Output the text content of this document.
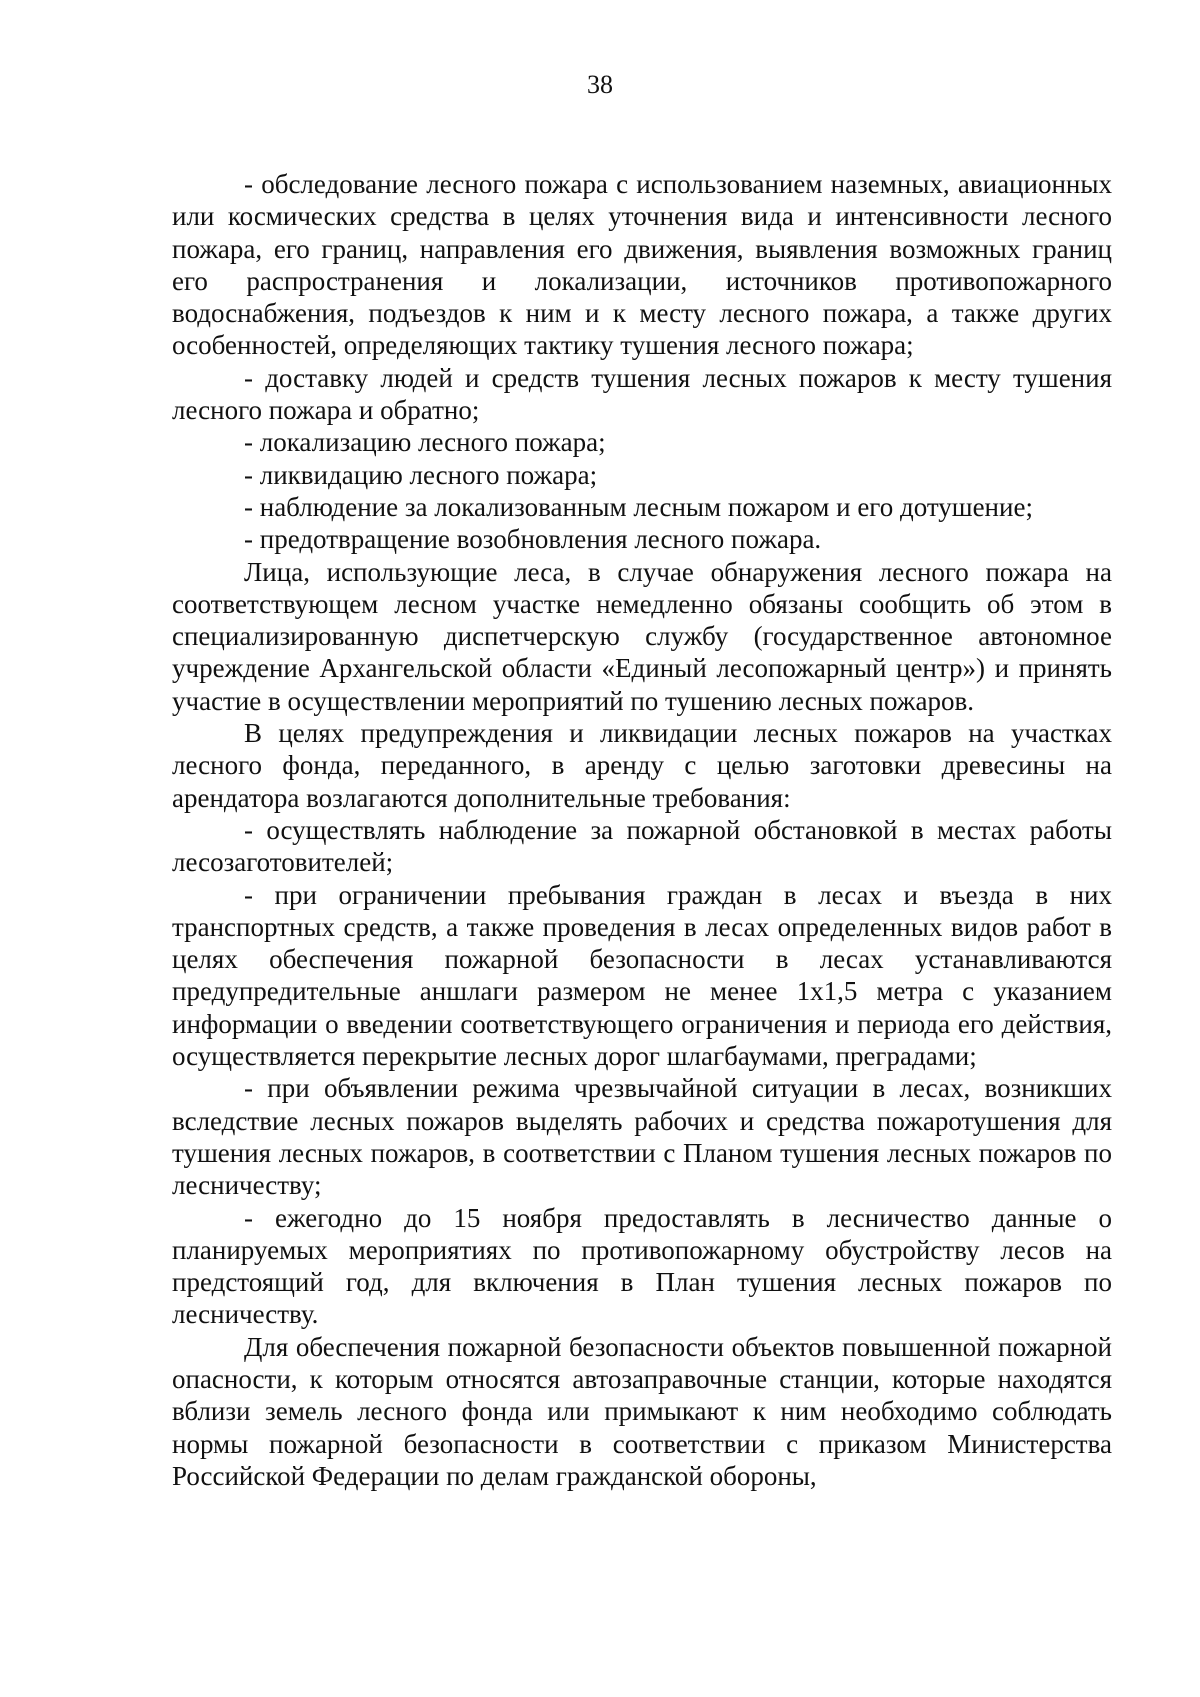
38

- обследование лесного пожара с использованием наземных, авиационных или космических средства в целях уточнения вида и интенсивности лесного пожара, его границ, направления его движения, выявления возможных границ его распространения и локализации, источников противопожарного водоснабжения, подъездов к ним и к месту лесного пожара, а также других особенностей, определяющих тактику тушения лесного пожара;

- доставку людей и средств тушения лесных пожаров к месту тушения лесного пожара и обратно;

- локализацию лесного пожара;

- ликвидацию лесного пожара;

- наблюдение за локализованным лесным пожаром и его дотушение;

- предотвращение возобновления лесного пожара.

Лица, использующие леса, в случае обнаружения лесного пожара на соответствующем лесном участке немедленно обязаны сообщить об этом в специализированную диспетчерскую службу (государственное автономное учреждение Архангельской области «Единый лесопожарный центр») и принять участие в осуществлении мероприятий по тушению лесных пожаров.

В целях предупреждения и ликвидации лесных пожаров на участках лесного фонда, переданного, в аренду с целью заготовки древесины на арендатора возлагаются дополнительные требования:

- осуществлять наблюдение за пожарной обстановкой в местах работы лесозаготовителей;

- при ограничении пребывания граждан в лесах и въезда в них транспортных средств, а также проведения в лесах определенных видов работ в целях обеспечения пожарной безопасности в лесах устанавливаются предупредительные аншлаги размером не менее 1х1,5 метра с указанием информации о введении соответствующего ограничения и периода его действия, осуществляется перекрытие лесных дорог шлагбаумами, преградами;

- при объявлении режима чрезвычайной ситуации в лесах, возникших вследствие лесных пожаров выделять рабочих и средства пожаротушения для тушения лесных пожаров, в соответствии с Планом тушения лесных пожаров по лесничеству;

- ежегодно до 15 ноября предоставлять в лесничество данные о планируемых мероприятиях по противопожарному обустройству лесов на предстоящий год, для включения в План тушения лесных пожаров по лесничеству.

Для обеспечения пожарной безопасности объектов повышенной пожарной опасности, к которым относятся автозаправочные станции, которые находятся вблизи земель лесного фонда или примыкают к ним необходимо соблюдать нормы пожарной безопасности в соответствии с приказом Министерства Российской Федерации по делам гражданской обороны,
